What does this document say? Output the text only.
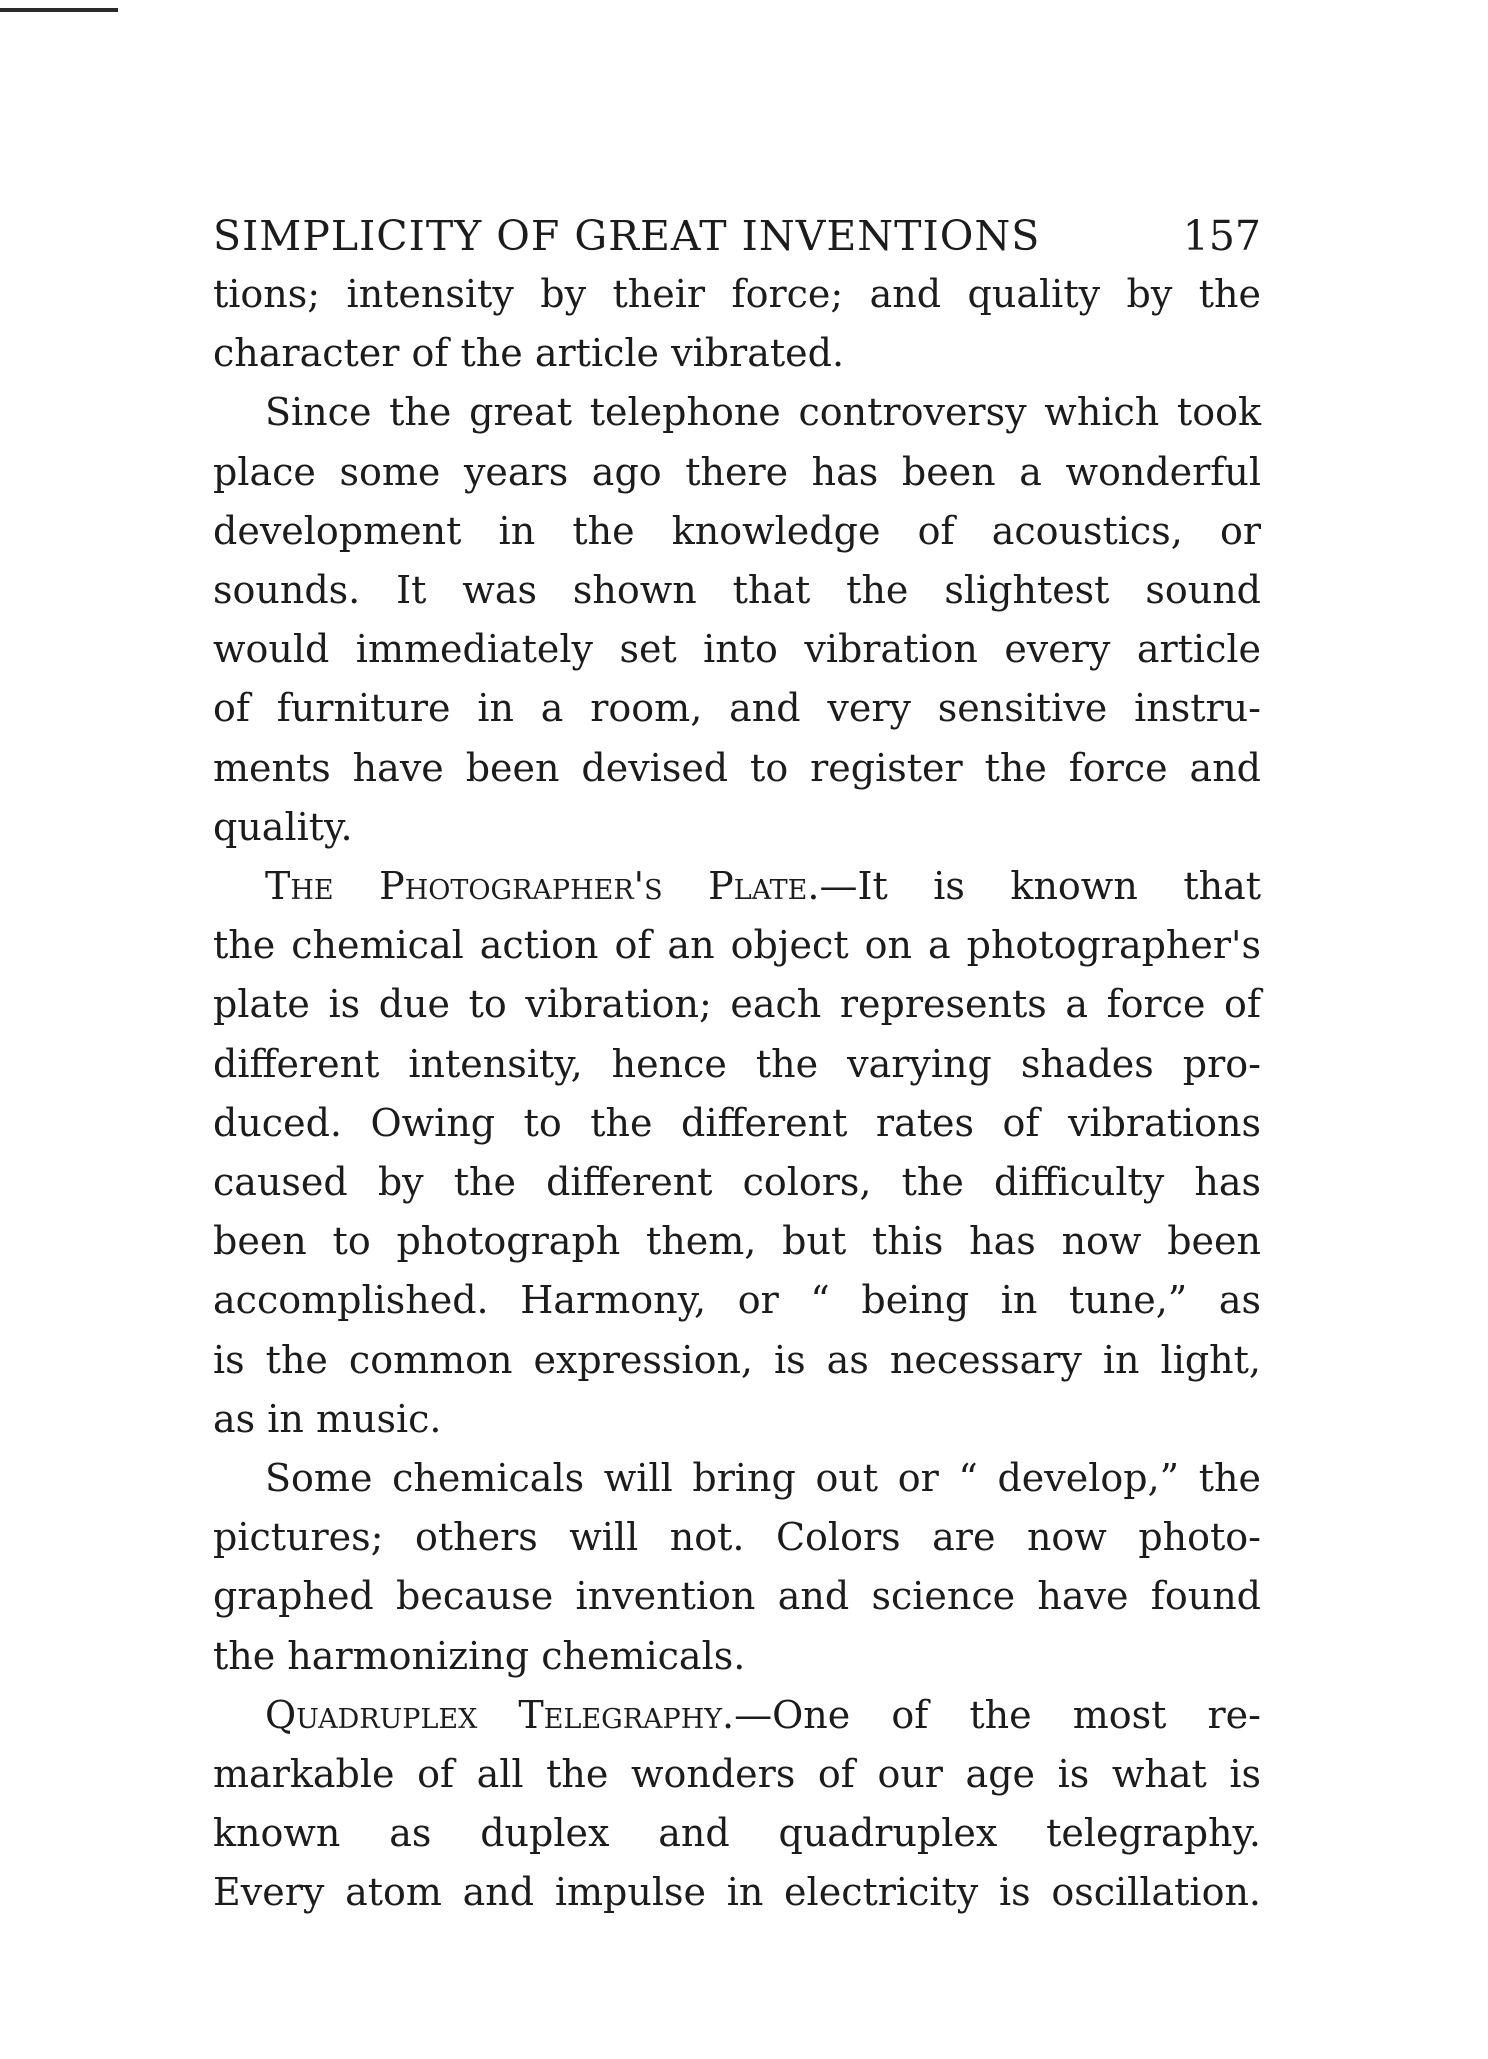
SIMPLICITY OF GREAT INVENTIONS	157
tions; intensity by their force; and quality by the
character of the article vibrated.
Since the great telephone controversy which took
place some years ago there has been a wonderful
development in the knowledge of acoustics, or
sounds. It was shown that the slightest sound
would immediately set into vibration every article
of furniture in a room, and very sensitive instru-
ments have been devised to register the force and
quality.
The Photographer's Plate.—It is known that
the chemical action of an object on a photographer's
plate is due to vibration; each represents a force of
different intensity, hence the varying shades pro-
duced. Owing to the different rates of vibrations
caused by the different colors, the difficulty has
been to photograph them, but this has now been
accomplished. Harmony, or “ being in tune,” as
is the common expression, is as necessary in light,
as in music.
Some chemicals will bring out or “ develop,” the
pictures; others will not. Colors are now photo-
graphed because invention and science have found
the harmonizing chemicals.
Quadruplex Telegraphy.—One of the most re-
markable of all the wonders of our age is what is
known as duplex and quadruplex telegraphy.
Every atom and impulse in electricity is oscillation.
